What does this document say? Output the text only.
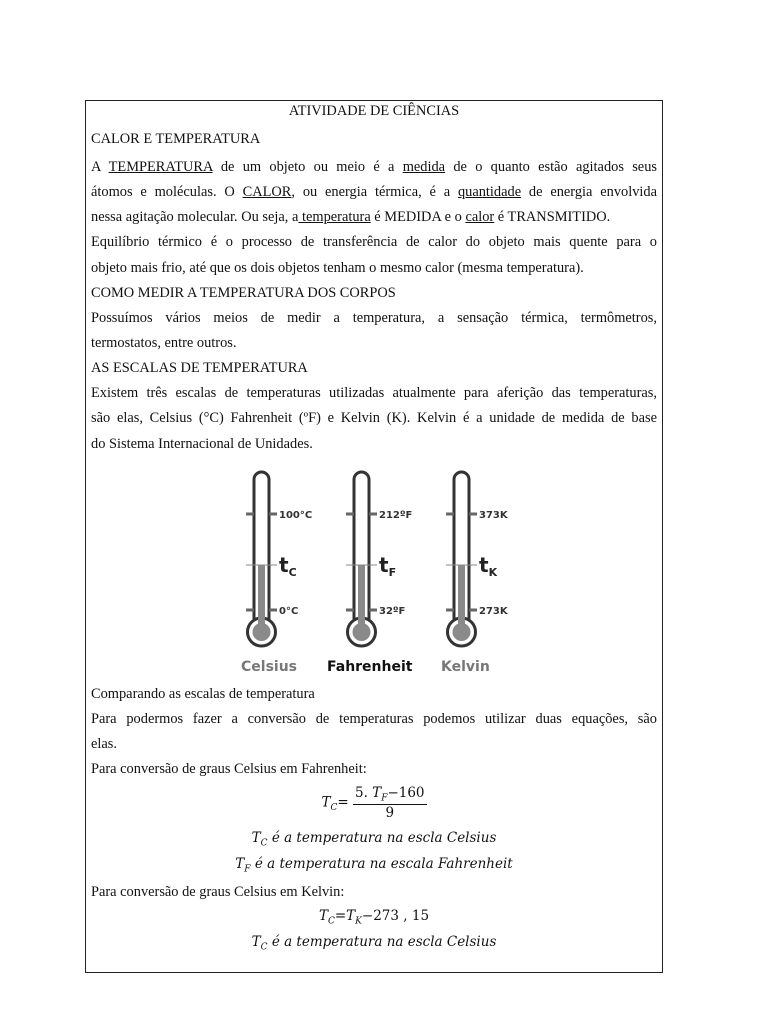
ATIVIDADE DE CIÊNCIAS
CALOR E TEMPERATURA
A TEMPERATURA de um objeto ou meio é a medida de o quanto estão agitados seus
átomos e moléculas. O CALOR, ou energia térmica, é a quantidade de energia envolvida
nessa agitação molecular. Ou seja, a temperatura é MEDIDA e o calor é TRANSMITIDO.
Equilíbrio térmico é o processo de transferência de calor do objeto mais quente para o
objeto mais frio, até que os dois objetos tenham o mesmo calor (mesma temperatura).
COMO MEDIR A TEMPERATURA DOS CORPOS
Possuímos vários meios de medir a temperatura, a sensação térmica, termômetros,
termostatos, entre outros.
AS ESCALAS DE TEMPERATURA
Existem três escalas de temperaturas utilizadas atualmente para aferição das temperaturas,
são elas, Celsius (°C) Fahrenheit (ºF) e Kelvin (K). Kelvin é a unidade de medida de base
do Sistema Internacional de Unidades.
100°C
0°C
$t_C$
Celsius
212ºF
32ºF
$t_F$
Fahrenheit
373K
273K
$t_K$
Kelvin
Comparando as escalas de temperatura
Para podermos fazer a conversão de temperaturas podemos utilizar duas equações, são
elas.
Para conversão de graus Celsius em Fahrenheit:
$T_C= \frac{5. T_F-160}{9}$
$T_C$ é a temperatura na escla Celsius
$T_F$ é a temperatura na escala Fahrenheit
Para conversão de graus Celsius em Kelvin:
$T_C=T_K-273$ , 15
$T_C$ é a temperatura na escla Celsius
